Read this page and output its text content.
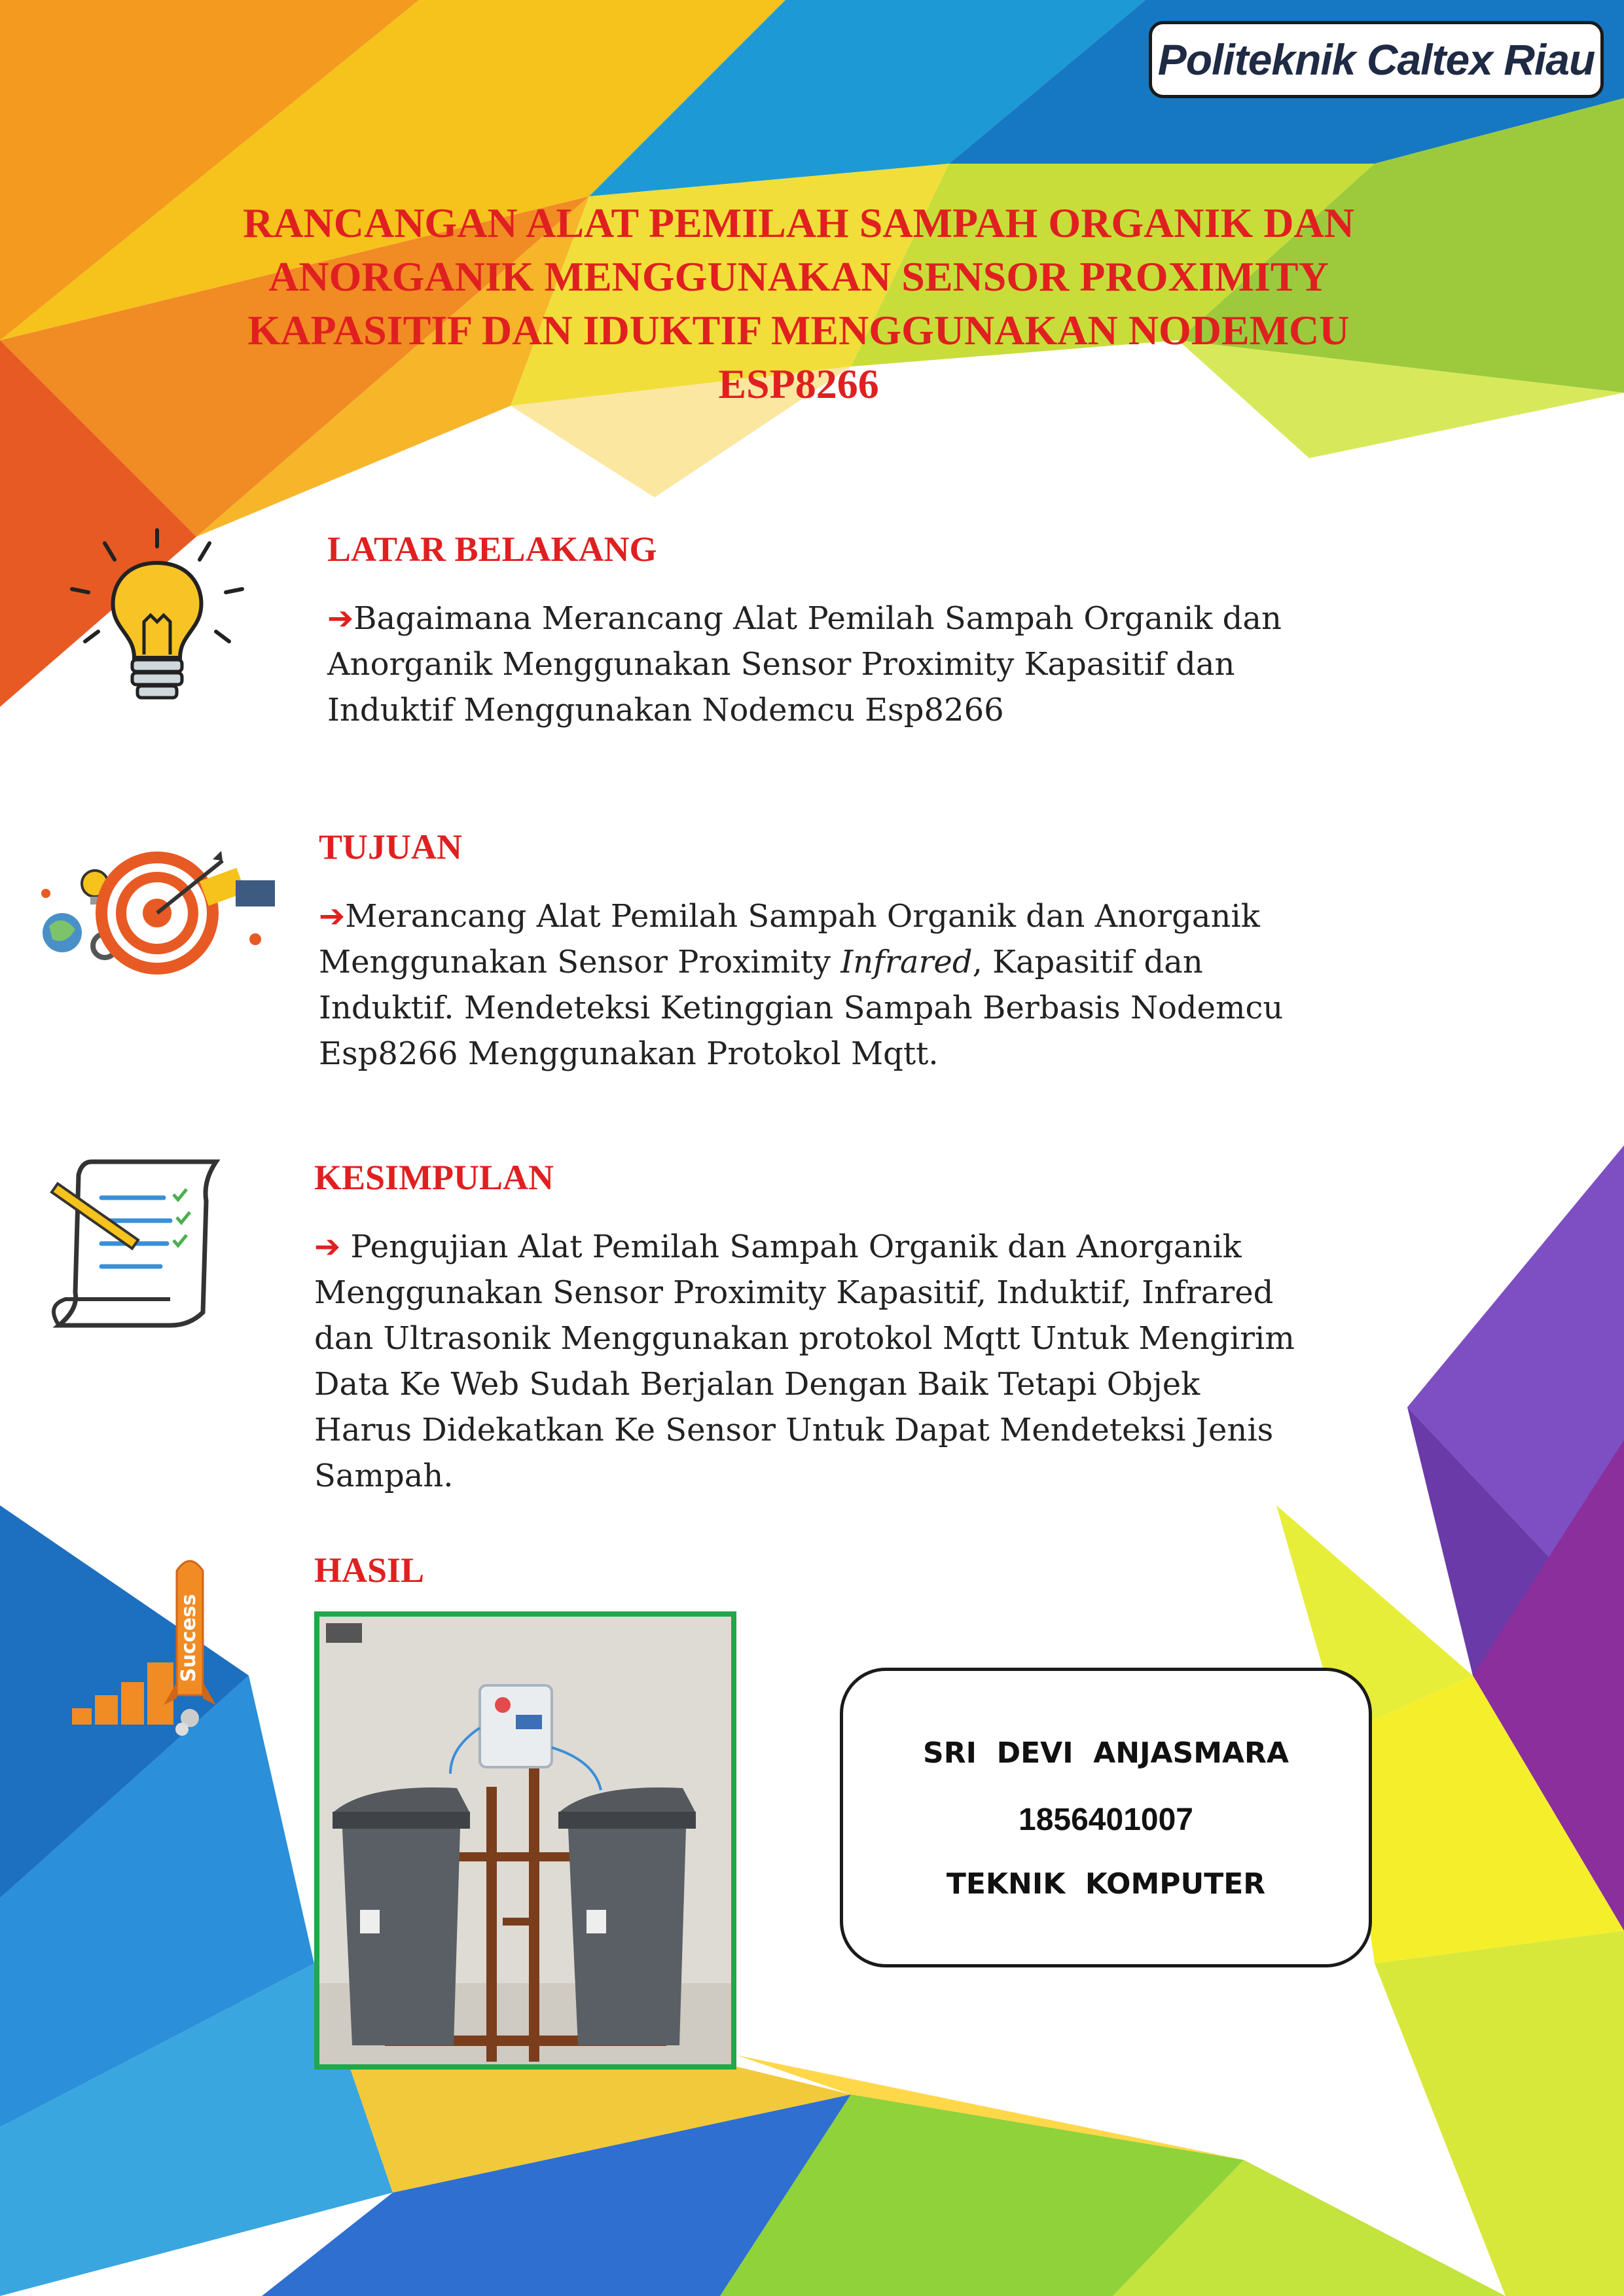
Politeknik Caltex Riau
RANCANGAN ALAT PEMILAH SAMPAH ORGANIK DAN
ANORGANIK MENGGUNAKAN SENSOR PROXIMITY
KAPASITIF DAN IDUKTIF MENGGUNAKAN NODEMCU
ESP8266
LATAR BELAKANG
➔Bagaimana Merancang Alat Pemilah Sampah Organik dan
Anorganik Menggunakan Sensor Proximity Kapasitif dan
Induktif Menggunakan Nodemcu Esp8266
TUJUAN
➔Merancang Alat Pemilah Sampah Organik dan Anorganik
Menggunakan Sensor Proximity Infrared, Kapasitif dan
Induktif. Mendeteksi Ketinggian Sampah Berbasis Nodemcu
Esp8266 Menggunakan Protokol Mqtt.
KESIMPULAN
➔ Pengujian Alat Pemilah Sampah Organik dan Anorganik
Menggunakan Sensor Proximity Kapasitif, Induktif, Infrared
dan Ultrasonik Menggunakan protokol Mqtt Untuk Mengirim
Data Ke Web Sudah Berjalan Dengan Baik Tetapi Objek
Harus Didekatkan Ke Sensor Untuk Dapat Mendeteksi Jenis
Sampah.
Success
HASIL
SRI  DEVI  ANJASMARA
1856401007
TEKNIK  KOMPUTER
